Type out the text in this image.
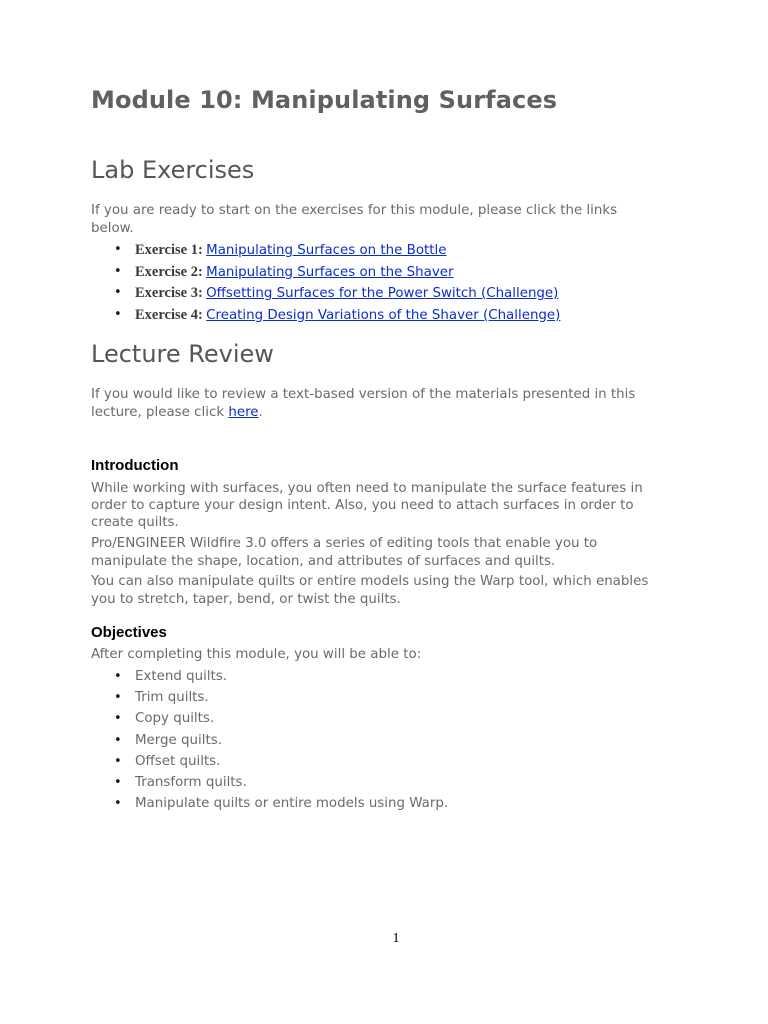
Module 10: Manipulating Surfaces
Lab Exercises

If you are ready to start on the exercises for this module, please click the links

below.

• Exercise 1: Manipulating Surfaces on the Bottle
• Exercise 2: Manipulating Surfaces on the Shaver
• Exercise 3: Offsetting Surfaces for the Power Switch (Challenge)
• Exercise 4: Creating Design Variations of the Shaver (Challenge)
Lecture Review

If you would like to review a text-based version of the materials presented in this

lecture, please click here.

Introduction

While working with surfaces, you often need to manipulate the surface features in

order to capture your design intent. Also, you need to attach surfaces in order to

create quilts.

Pro/ENGINEER Wildfire 3.0 offers a series of editing tools that enable you to

manipulate the shape, location, and attributes of surfaces and quilts.

You can also manipulate quilts or entire models using the Warp tool, which enables

you to stretch, taper, bend, or twist the quilts.

Objectives

After completing this module, you will be able to:

• Extend quilts.
• Trim quilts.
• Copy quilts.
• Merge quilts.
• Offset quilts.
• Transform quilts.
• Manipulate quilts or entire models using Warp.
1
